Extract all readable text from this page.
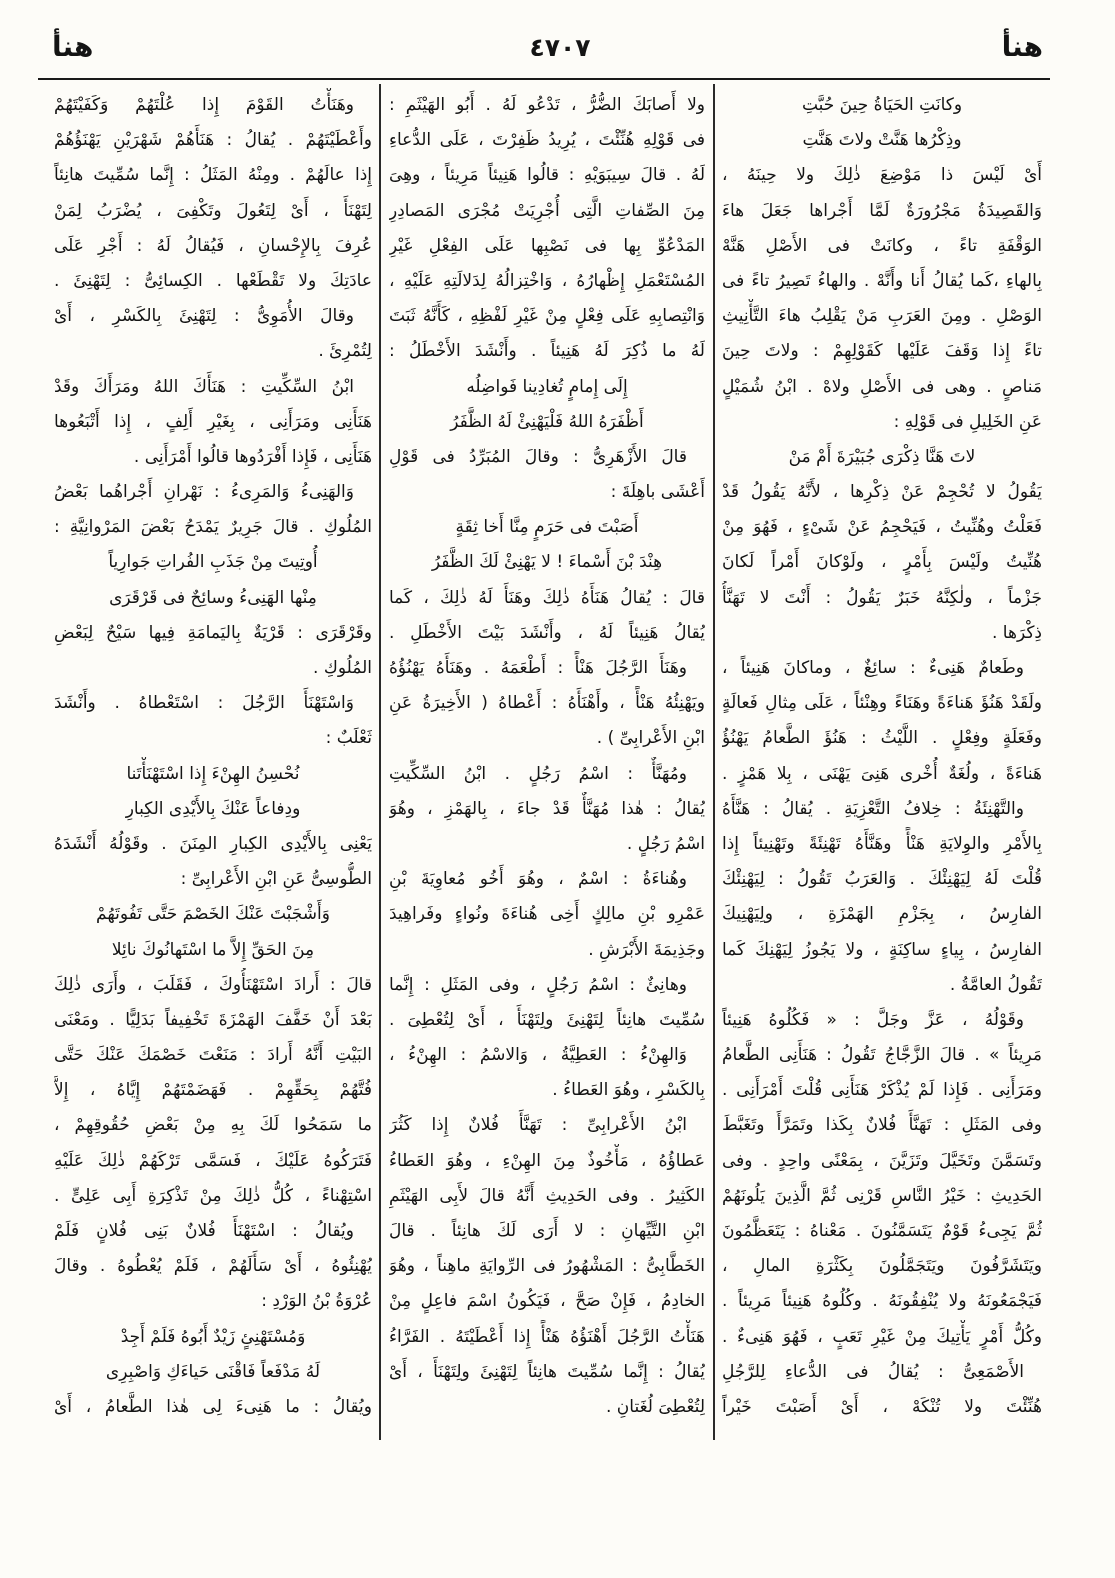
هنأ
٤٧٠٧
هنأ
وكانَتِ الحَيَاةُ حِينَ حُبَّتِ
وذِكْرُها هَنَّتْ ولاتَ هَنَّتِ
أَىْ لَيْسَ ذا مَوْضِعَ ذٰلِكَ ولا حِينَهُ ،
وَالقَصِيدَةُ مَجْرُورَةٌ لَمَّا أَجْراها جَعَلَ هاءَ
الوَقْفَةِ تاءً ، وكانَتْ فى الأَصْلِ هَنَّهْ
بِالهاءِ ،كَما يُقالُ أَنا وأَنَّهْ . والهاءُ تَصِيرُ تاءً فى
الوَصْلِ . ومِنَ العَرَبِ مَنْ يَقْلِبُ هاءَ التَّأْنِيثِ
تاءً إِذا وَقَفَ عَلَيْها كَقَوْلِهِمْ : ولاتَ حِينَ
مَناصٍ . وهى فى الأَصْلِ ولاهْ . ابْنُ شُمَيْلٍ
عَنِ الخَلِيلِ فى قَوْلِهِ :
لاتَ هَنَّا ذِكْرَى جُبَيْرَةَ أَمْ مَنْ
يَقُولُ لا تُحْجِمْ عَنْ ذِكْرِها ، لأَنَّهُ يَقُولُ قَدْ
فَعَلْتُ وهُنِّيتُ ، فَيَحْجِمُ عَنْ شَىْءٍ ، فَهُوَ مِنْ
هُنِّيتُ ولَيْسَ بِأَمْرٍ ، ولَوْكانَ أَمْراً لَكانَ
جَزْماً ، ولٰكِنَّهُ خَبَرٌ يَقُولُ : أَنْتَ لا تَهَنَّأُ
ذِكْرَها .
وطَعامٌ هَنِىءٌ : سائِغٌ ، وماكانَ هَنِيئاً ،
ولَقَدْ هَنُؤَ هَناءَةً وهَنَاءً وهِنْئاً ، عَلَى مِثالِ فَعالَةٍ
وفَعَلَةٍ وفِعْلٍ . اللَّيْثُ : هَنُؤَ الطَّعامُ يَهْنُؤُ
هَناءَةً ، ولُغَةٌ أُخْرى هَنِىَ يَهْنَى ، بِلا هَمْزٍ .
والتَّهْنِئَةُ : خِلافُ التَّعْزِيَةِ . يُقالُ : هَنَّأَهُ
بِالأَمْرِ والوِلايَةِ هَنْأً وهَنَّأَهُ تَهْنِئَةً وتَهْنِيئاً إِذا
قُلْتَ لَهُ لِيَهْنِئْكَ . وَالعَرَبُ تَقُولُ : لِيَهْنِئْكَ
الفارِسُ ، بِجَزْمِ الهَمْزَةِ ، ولِيَهْنِيكَ
الفارِسُ ، بِياءٍ ساكِنَةٍ ، ولا يَجُوزُ لِيَهْنِكَ كَما
تَقُولُ العامَّةُ .
وقَوْلُهُ ، عَزَّ وجَلَّ : « فَكُلُوهُ هَنِيئاً
مَرِيئاً » . قالَ الزَّجَّاجُ تَقُولُ : هَنَأَنِى الطَّعامُ
ومَرَأَنِى . فَإِذا لَمْ يُذْكَرْ هَنَأَنِى قُلْتَ أَمْرَأَنِى .
وفى المَثَلِ : تَهَنَّأَ فُلانٌ بِكَذا وتَمَرَّأَ وتَغَبَّطَ
وتَسَمَّنَ وتَخَيَّلَ وتَزَيَّنَ ، بِمَعْنًى واحِدٍ . وفى
الحَدِيثِ : خَيْرُ النَّاسِ قَرْنِى ثُمَّ الَّذِينَ يَلُونَهُمْ
ثُمَّ يَجِىءُ قَوْمٌ يَتَسَمَّنُونَ . مَعْناهُ : يَتَعَظَّمُونَ
ويَتَشَرَّفُونَ ويَتَجَمَّلُونَ بِكَثْرَةِ المالِ ،
فَيَجْمَعُونَهُ ولا يُنْفِقُونَهُ . وكُلُوهُ هَنِيئاً مَرِيئاً .
وكُلُّ أَمْرٍ يَأْتِيكَ مِنْ غَيْرِ تَعَبٍ ، فَهُوَ هَنِىءٌ .
الأَصْمَعِىُّ : يُقالُ فى الدُّعاءِ لِلرَّجُلِ
هُنِّئْتَ ولا تُنْكَهْ ، أَىْ أَصَبْتَ خَيْراً
ولا أَصابَكَ الضُّرُّ ، تَدْعُو لَهُ . أَبُو الهَيْثَمِ :
فى قَوْلِهِ هُنِّئْتَ ، يُرِيدُ ظَفِرْتَ ، عَلَى الدُّعاءِ
لَهُ . قالَ سِيبَوَيْهِ : قالُوا هَنِيئاً مَرِيئاً ، وهِىَ
مِنَ الصِّفاتِ الَّتِى أُجْرِيَتْ مُجْرَى المَصادِرِ
المَدْعُوِّ بِها فى نَصْبِها عَلَى الفِعْلِ غَيْرِ
المُسْتَعْمَلِ إِظْهارُهُ ، وَاخْتِزالُهُ لِدَلالَتِهِ عَلَيْهِ ،
وَانْتِصابِهِ عَلَى فِعْلٍ مِنْ غَيْرِ لَفْظِهِ ، كَأَنَّهُ ثَبَتَ
لَهُ ما ذُكِرَ لَهُ هَنِيئاً . وأَنْشَدَ الأَخْطَلُ :
إِلَى إِمامٍ تُغادِينا فَواضِلُه
أَظْفَرَهُ اللهُ فَلْيَهْنِئْ لَهُ الظَّفَرُ
قالَ الأَزْهَرِىُّ : وقالَ المُبَرِّدُ فى قَوْلِ
أَعْشَى باهِلَةَ :
أَصَبْتَ فى حَرَمٍ مِنَّا أَخا ثِقَةٍ
هِنْدَ بْنَ أَسْماءَ ! لا يَهْنِئْ لَكَ الظَّفَرُ
قالَ : يُقالُ هَنَأَهُ ذٰلِكَ وهَنَأَ لَهُ ذٰلِكَ ، كَما
يُقالُ هَنِيئاً لَهُ ، وأَنْشَدَ بَيْتَ الأَخْطَلِ .
وهَنَأَ الرَّجُلَ هَنْأً : أَطْعَمَهُ . وهَنَأَهُ يَهْنُؤُهُ
ويَهْنِئُهُ هَنْأً ، وأَهْنَأَهُ : أَعْطاهُ ( الأَخِيرَةُ عَنِ
ابْنِ الأَعْرابِىِّ ) .
ومُهَنَّأٌ : اسْمُ رَجُلٍ . ابْنُ السِّكِّيتِ
يُقالُ : هٰذا مُهَنَّأٌ قَدْ جاءَ ، بِالهَمْزِ ، وهُوَ
اسْمُ رَجُلٍ .
وهُناءَةُ : اسْمٌ ، وهُوَ أَخُو مُعاوِيَةَ بْنِ
عَمْرِو بْنِ مالِكٍ أَخِى هُناءَةَ ونُواءٍ وفَراهِيدَ
وجَذِيمَةَ الأَبْرَشِ .
وهانِئٌ : اسْمُ رَجُلٍ ، وفى المَثَلِ : إِنَّما
سُمِّيتَ هانِئاً لِتَهْنِئَ ولِتَهْنَأَ ، أَىْ لِتُعْطِىَ .
وَالهِنْءُ : العَطِيَّةُ ، وَالاسْمُ : الهِنْءُ ،
بِالكَسْرِ ، وهُوَ العَطاءُ .
ابْنُ الأَعْرابِىِّ : تَهَنَّأَ فُلانٌ إِذا كَثُرَ
عَطاؤُهُ ، مَأْخُوذٌ مِنَ الهِنْءِ ، وهُوَ العَطاءُ
الكَثِيرُ . وفى الحَدِيثِ أَنَّهُ قالَ لأَبِى الهَيْثَمِ
ابْنِ التَّيِّهانِ : لا أَرَى لَكَ هانِئاً . قالَ
الخَطَّابِىُّ : المَشْهُورُ فى الرِّوايَةِ ماهِناً ، وهُوَ
الخادِمُ ، فَإِنْ صَحَّ ، فَيَكُونُ اسْمَ فاعِلٍ مِنْ
هَنَأْتُ الرَّجُلَ أَهْنَؤُهُ هَنْأً إِذا أَعْطَيْتَهُ . الفَرَّاءُ
يُقالُ : إِنَّما سُمِّيتَ هانِئاً لِتَهْنِئَ ولِتَهْنَأَ ، أَىْ
لِتُعْطِىَ لُغَتانِ .
وهَنَأْتُ القَوْمَ إِذا عُلْتَهُمْ وَكَفَيْتَهُمْ
وأَعْطَيْتَهُمْ . يُقالُ : هَنَأَهُمْ شَهْرَيْنِ يَهْنَؤُهُمْ
إِذا عالَهُمْ . ومِنْهُ المَثَلُ : إِنَّما سُمِّيتَ هانِئاً
لِتَهْنَأَ ، أَىْ لِتَعُولَ وتَكْفِىَ ، يُضْرَبُ لِمَنْ
عُرِفَ بِالإِحْسانِ ، فَيُقالُ لَهُ : أَجْرِ عَلَى
عادَتِكَ ولا تَقْطَعْها . الكِسائِىُّ : لِتَهْنِئَ .
وقالَ الأُمَوِىُّ : لِتَهْنِئَ بِالكَسْرِ ، أَىْ
لِتُمْرِئَ .
ابْنُ السِّكِّيتِ : هَنَأَكَ اللهُ ومَرَأَكَ وقَدْ
هَنَأَنِى ومَرَأَنِى ، بِغَيْرِ أَلِفٍ ، إِذا أَتْبَعُوها
هَنَأَنِى ، فَإِذا أَفْرَدُوها قالُوا أَمْرَأَنِى .
وَالهَنِىءُ وَالمَرِىءُ : نَهْرانِ أَجْراهُما بَعْضُ
المُلُوكِ . قالَ جَرِيرٌ يَمْدَحُ بَعْضَ المَرْوانِيَّةِ :
أُوتِيتَ مِنْ جَذَبِ الفُراتِ جَوارِياً
مِنْها الهَنِىءُ وسائِحٌ فى قَرْقَرَى
وقَرْقَرَى : قَرْيَةٌ بِاليَمامَةِ فِيها سَيْحٌ لِبَعْضِ
المُلُوكِ .
وَاسْتَهْنَأَ الرَّجُلَ : اسْتَعْطاهُ . وأَنْشَدَ
ثَعْلَبٌ :
نُحْسِنُ الهِنْءَ إِذا اسْتَهْنَأْتَنا
ودِفاعاً عَنْكَ بِالأَيْدِى الكِبارِ
يَعْنِى بِالأَيْدِى الكِبارِ المِنَنَ . وقَوْلُهُ أَنْشَدَهُ
الطُّوسِىُّ عَنِ ابْنِ الأَعْرابِىِّ :
وَأَشْجَبْتَ عَنْكَ الخَصْمَ حَتَّى تَفُوتَهُمْ
مِنَ الحَقِّ إِلاَّ ما اسْتَهانُوكَ نائِلا
قالَ : أَرادَ اسْتَهْنَأُوكَ ، فَقَلَبَ ، وأَرَى ذٰلِكَ
بَعْدَ أَنْ خَفَّفَ الهَمْزَةَ تَخْفِيفاً بَدَلِيًّا . ومَعْنَى
البَيْتِ أَنَّهُ أَرادَ : مَنَعْتَ خَصْمَكَ عَنْكَ حَتَّى
فُتَّهُمْ بِحَقِّهِمْ . فَهَضَمْتَهُمْ إِيَّاهُ ، إِلاَّ
ما سَمَحُوا لَكَ بِهِ مِنْ بَعْضِ حُقُوقِهِمْ ،
فَتَرَكُوهُ عَلَيْكَ ، فَسَمَّى تَرْكَهُمْ ذٰلِكَ عَلَيْهِ
اسْتِهْناءً ، كُلُّ ذٰلِكَ مِنْ تَذْكِرَةِ أَبِى عَلِىٍّ .
ويُقالُ : اسْتَهْنَأَ فُلانٌ بَنِى فُلانٍ فَلَمْ
يُهْنِئُوهُ ، أَىْ سَأَلَهُمْ ، فَلَمْ يُعْطُوهُ . وقالَ
عُرْوَةُ بْنُ الوَرْدِ :
وَمُسْتَهْنِئٍ زَيْدٌ أَبُوهُ فَلَمْ أَجِدْ
لَهُ مَدْفَعاً فَاقْنَى حَياءَكِ وَاصْبِرِى
ويُقالُ : ما هَنِىءَ لِى هٰذا الطَّعامُ ، أَىْ
